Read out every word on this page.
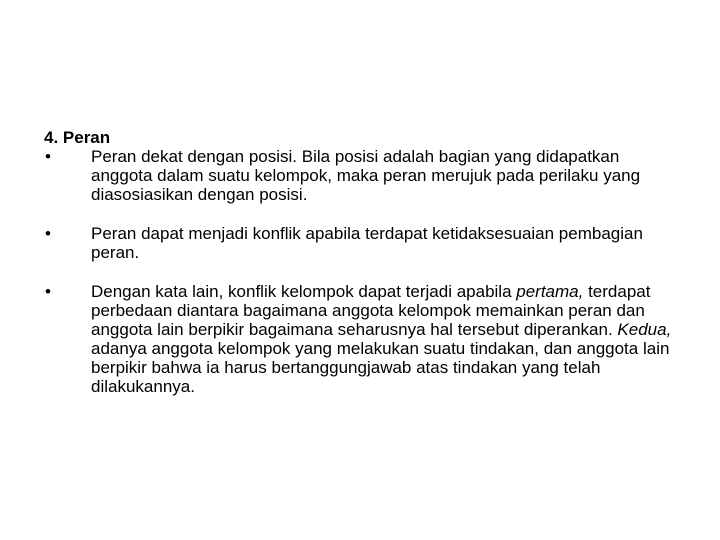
4. Peran
•	Peran dekat dengan posisi. Bila posisi adalah bagian yang didapatkan anggota dalam suatu kelompok, maka peran merujuk pada perilaku yang diasosiasikan dengan posisi.
•	Peran dapat menjadi konflik apabila terdapat ketidaksesuaian pembagian peran.
•	Dengan kata lain, konflik kelompok dapat terjadi apabila pertama, terdapat perbedaan diantara bagaimana anggota kelompok memainkan peran dan anggota lain berpikir bagaimana seharusnya hal tersebut diperankan. Kedua, adanya anggota kelompok yang melakukan suatu tindakan, dan anggota lain berpikir bahwa ia harus bertanggungjawab atas tindakan yang telah dilakukannya.
